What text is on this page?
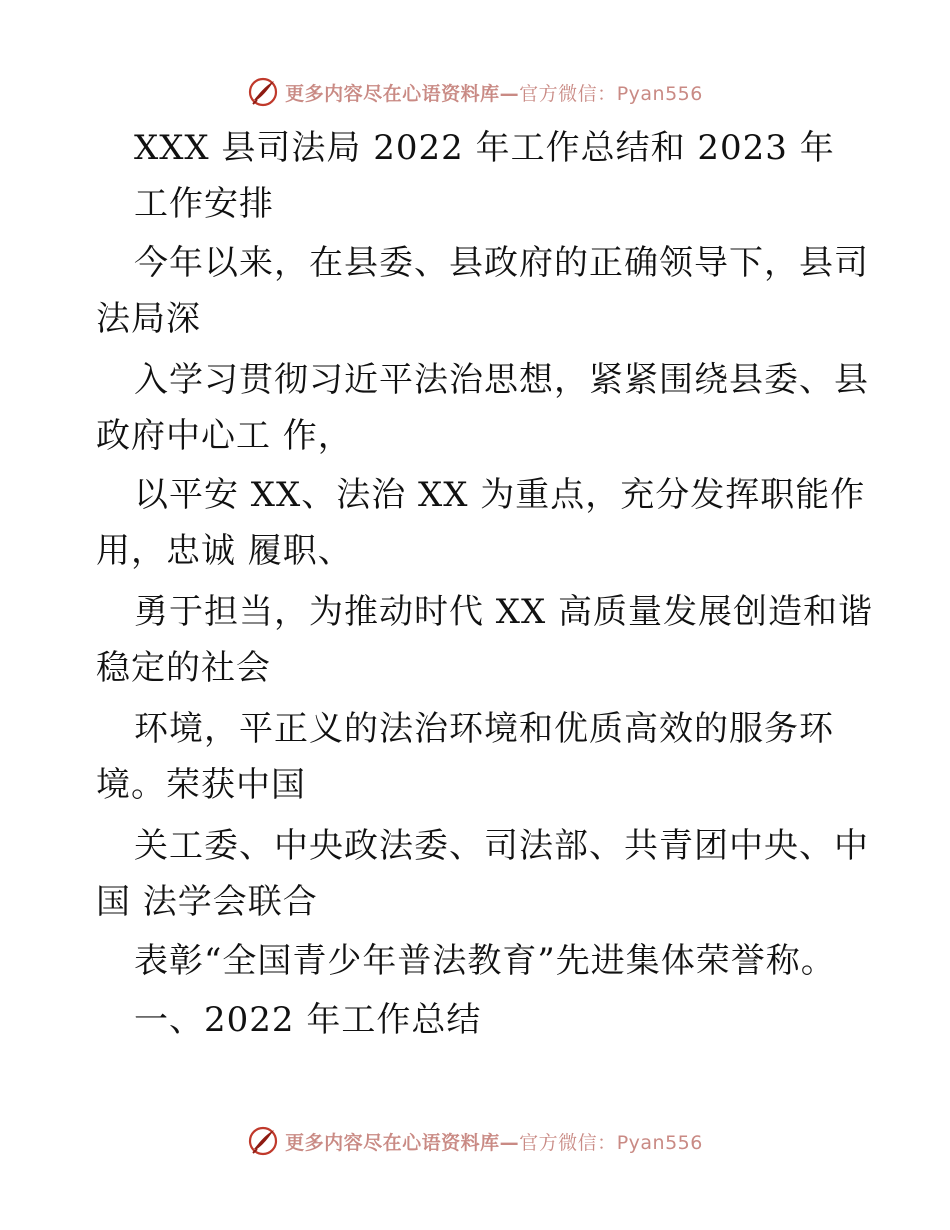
更多内容尽在心语资料库—官方微信：Pyan556
XXX 县司法局 2022 年工作总结和 2023 年
工作安排
今年以来，在县委、县政府的正确领导下，县司
法局深
入学习贯彻习近平法治思想，紧紧围绕县委、县
政府中心工 作，
以平安 XX、法治 XX 为重点，充分发挥职能作
用，忠诚 履职、
勇于担当，为推动时代 XX 高质量发展创造和谐
稳定的社会
环境，平正义的法治环境和优质高效的服务环
境。荣获中国
关工委、中央政法委、司法部、共青团中央、中
国 法学会联合
表彰“全国青少年普法教育”先进集体荣誉称。
一、2022 年工作总结
更多内容尽在心语资料库—官方微信：Pyan556
